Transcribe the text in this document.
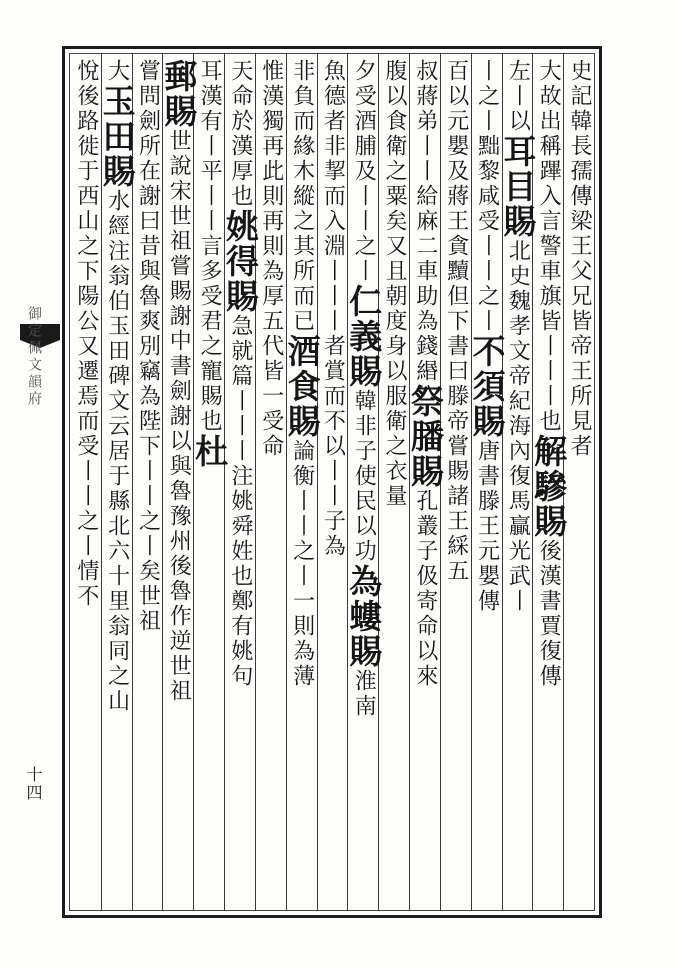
御定佩文韻府
十四
史記韓長孺傳梁王父兄皆帝王所見者
大故出稱蹕入言警車旗皆丨丨丨也解驂賜後漢書賈復傳
左丨以耳目賜北史魏孝文帝紀海內復馬贏光武丨
丨之丨黜黎咸受丨丨之丨不須賜唐書滕王元嬰傳
百以元嬰及蔣王貪黷但下書曰滕帝嘗賜諸王綵五
叔蔣弟丨丨給麻二車助為錢緡祭膰賜孔叢子伋寄命以來
腹以食衛之粟矣又且朝度身以服衛之衣量
夕受酒脯及丨丨之丨仁義賜韓非子使民以功為螻賜淮南
魚德者非挈而入淵丨丨丨者賞而不以丨丨子為
非負而緣木縱之其所而已酒食賜論衡丨丨之丨一則為薄
惟漢獨再此則再則為厚五代皆一受命
天命於漢厚也姚得賜急就篇丨丨丨注姚舜姓也鄭有姚句
耳漢有丨平丨丨言多受君之寵賜也杜
郵賜世說宋世祖嘗賜謝中書劍謝以與魯豫州後魯作逆世祖
嘗問劍所在謝曰昔與魯爽別竊為陛下丨丨之丨矣世祖
大玉田賜水經注翁伯玉田碑文云居于縣北六十里翁同之山
悅後路徙于西山之下陽公又遷焉而受丨丨之丨情不
